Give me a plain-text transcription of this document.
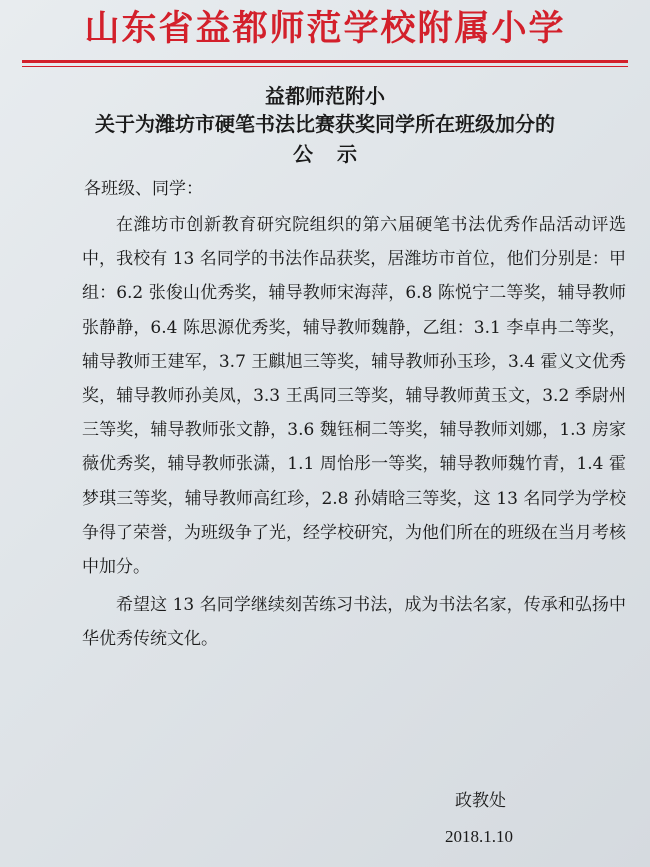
山东省益都师范学校附属小学
益都师范附小
关于为潍坊市硬笔书法比赛获奖同学所在班级加分的
公示
各班级、同学：

在潍坊市创新教育研究院组织的第六届硬笔书法优秀作品活动评选中，我校有 13 名同学的书法作品获奖，居潍坊市首位，他们分别是：甲组：6.2 张俊山优秀奖，辅导教师宋海萍，6.8 陈悦宁二等奖，辅导教师张静静，6.4 陈思源优秀奖，辅导教师魏静，乙组：3.1 李卓冉二等奖，辅导教师王建军，3.7 王麒旭三等奖，辅导教师孙玉珍，3.4 霍义文优秀奖，辅导教师孙美凤，3.3 王禹同三等奖，辅导教师黄玉文，3.2 季尉州三等奖，辅导教师张文静，3.6 魏钰桐二等奖，辅导教师刘娜，1.3 房家薇优秀奖，辅导教师张潇，1.1 周怡彤一等奖，辅导教师魏竹青，1.4 霍梦琪三等奖，辅导教师高红珍，2.8 孙婧晗三等奖，这 13 名同学为学校争得了荣誉，为班级争了光，经学校研究，为他们所在的班级在当月考核中加分。

希望这 13 名同学继续刻苦练习书法，成为书法名家，传承和弘扬中华优秀传统文化。

政教处
2018.1.10
